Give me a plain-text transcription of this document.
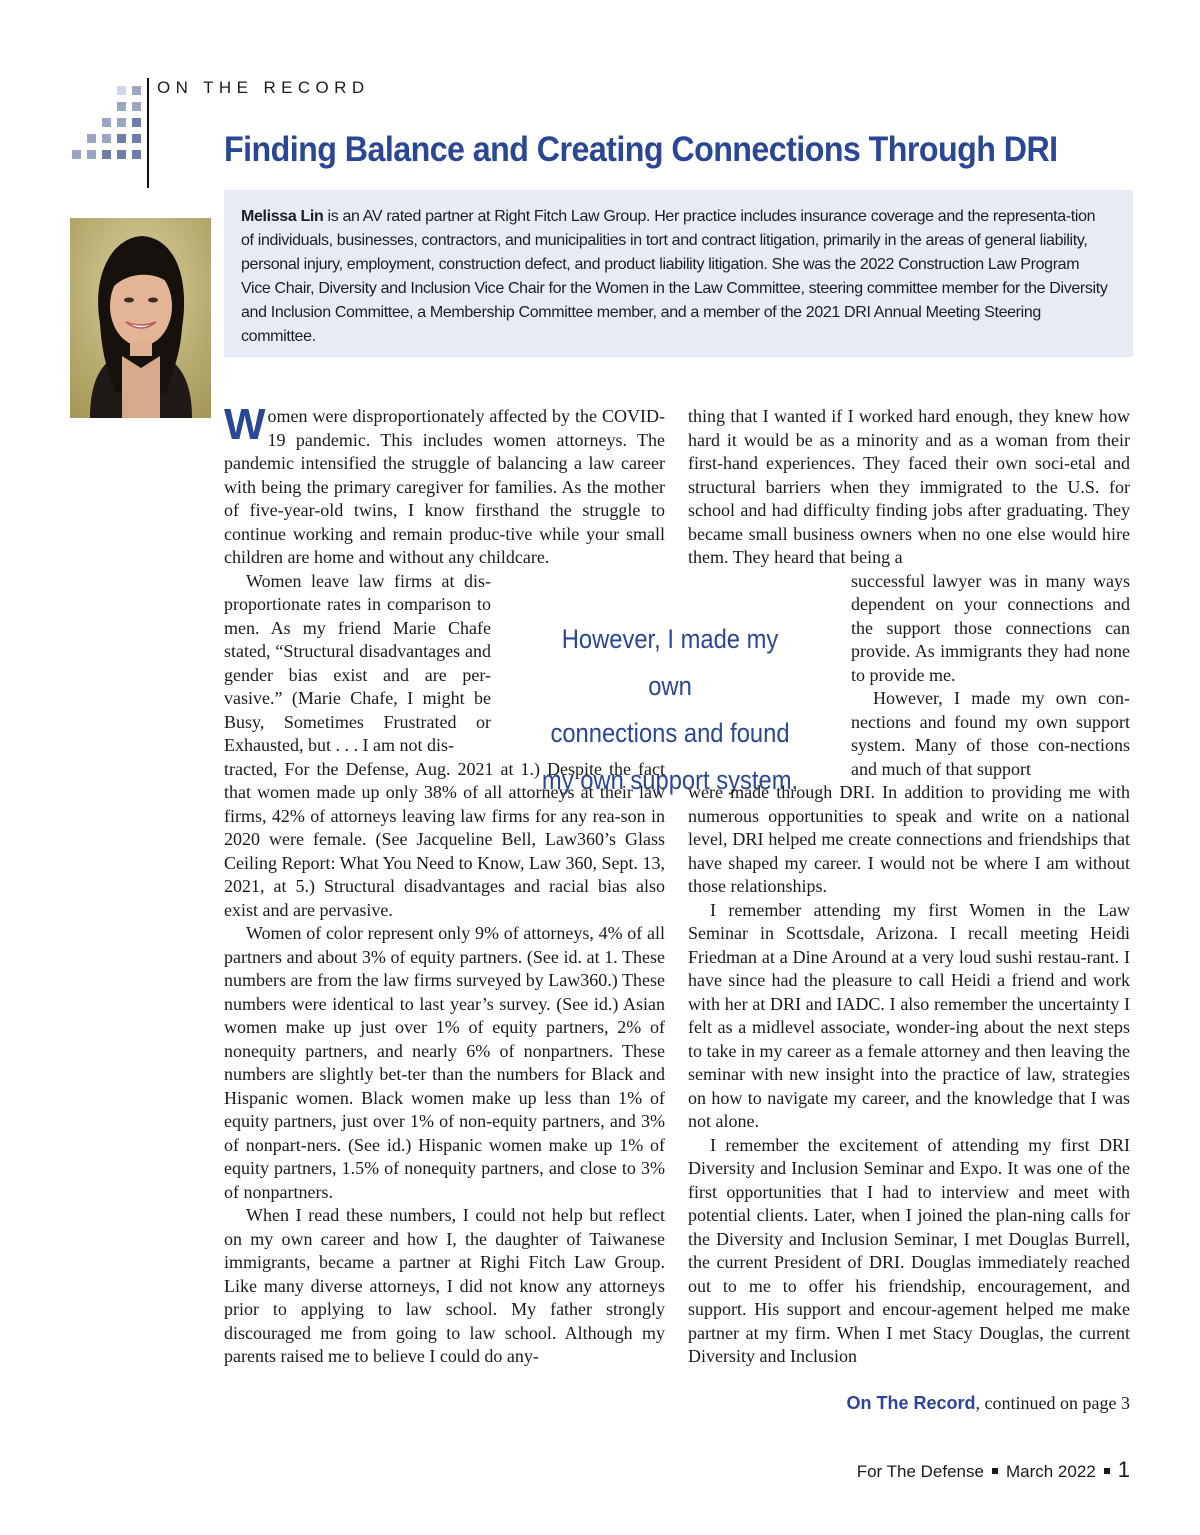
ON THE RECORD
Finding Balance and Creating Connections Through DRI
Melissa Lin is an AV rated partner at Right Fitch Law Group. Her practice includes insurance coverage and the representa-tion of individuals, businesses, contractors, and municipalities in tort and contract litigation, primarily in the areas of general liability, personal injury, employment, construction defect, and product liability litigation. She was the 2022 Construction Law Program Vice Chair, Diversity and Inclusion Vice Chair for the Women in the Law Committee, steering committee member for the Diversity and Inclusion Committee, a Membership Committee member, and a member of the 2021 DRI Annual Meeting Steering committee.

Women were disproportionately affected by the COVID-19 pandemic. This includes women attorneys. The pandemic intensified the struggle of balancing a law career with being the primary caregiver for families. As the mother of five-year-old twins, I know firsthand the struggle to continue working and remain produc-tive while your small children are home and without any childcare.

Women leave law firms at dis-proportionate rates in comparison to men. As my friend Marie Chafe stated, “Structural disadvantages and gender bias exist and are per-vasive.” (Marie Chafe, I might be Busy, Sometimes Frustrated or Exhausted, but . . . I am not dis-

tracted, For the Defense, Aug. 2021 at 1.) Despite the fact that women made up only 38% of all attorneys at their law firms, 42% of attorneys leaving law firms for any rea-son in 2020 were female. (See Jacqueline Bell, Law360’s Glass Ceiling Report: What You Need to Know, Law 360, Sept. 13, 2021, at 5.) Structural disadvantages and racial bias also exist and are pervasive.

Women of color represent only 9% of attorneys, 4% of all partners and about 3% of equity partners. (See id. at 1. These numbers are from the law firms surveyed by Law360.) These numbers were identical to last year’s survey. (See id.) Asian women make up just over 1% of equity partners, 2% of nonequity partners, and nearly 6% of nonpartners. These numbers are slightly bet-ter than the numbers for Black and Hispanic women. Black women make up less than 1% of equity partners, just over 1% of non-equity partners, and 3% of nonpart-ners. (See id.) Hispanic women make up 1% of equity partners, 1.5% of nonequity partners, and close to 3% of nonpartners.

When I read these numbers, I could not help but reflect on my own career and how I, the daughter of Taiwanese immigrants, became a partner at Righi Fitch Law Group. Like many diverse attorneys, I did not know any attorneys prior to applying to law school. My father strongly discouraged me from going to law school. Although my parents raised me to believe I could do any-

However, I made my own
connections and found
my own support system.

thing that I wanted if I worked hard enough, they knew how hard it would be as a minority and as a woman from their first-hand experiences. They faced their own soci-etal and structural barriers when they immigrated to the U.S. for school and had difficulty finding jobs after graduating. They became small business owners when no one else would hire them. They heard that being a

successful lawyer was in many ways dependent on your connections and the support those connections can provide. As immigrants they had none to provide me.

However, I made my own con-nections and found my own support system. Many of those con-nections and much of that support

were made through DRI. In addition to providing me with numerous opportunities to speak and write on a national level, DRI helped me create connections and friendships that have shaped my career. I would not be where I am without those relationships.

I remember attending my first Women in the Law Seminar in Scottsdale, Arizona. I recall meeting Heidi Friedman at a Dine Around at a very loud sushi restau-rant. I have since had the pleasure to call Heidi a friend and work with her at DRI and IADC. I also remember the uncertainty I felt as a midlevel associate, wonder-ing about the next steps to take in my career as a female attorney and then leaving the seminar with new insight into the practice of law, strategies on how to navigate my career, and the knowledge that I was not alone.

I remember the excitement of attending my first DRI Diversity and Inclusion Seminar and Expo. It was one of the first opportunities that I had to interview and meet with potential clients. Later, when I joined the plan-ning calls for the Diversity and Inclusion Seminar, I met Douglas Burrell, the current President of DRI. Douglas immediately reached out to me to offer his friendship, encouragement, and support. His support and encour-agement helped me make partner at my firm. When I met Stacy Douglas, the current Diversity and Inclusion

On The Record, continued on page 3
For The Defense March 2022 1
